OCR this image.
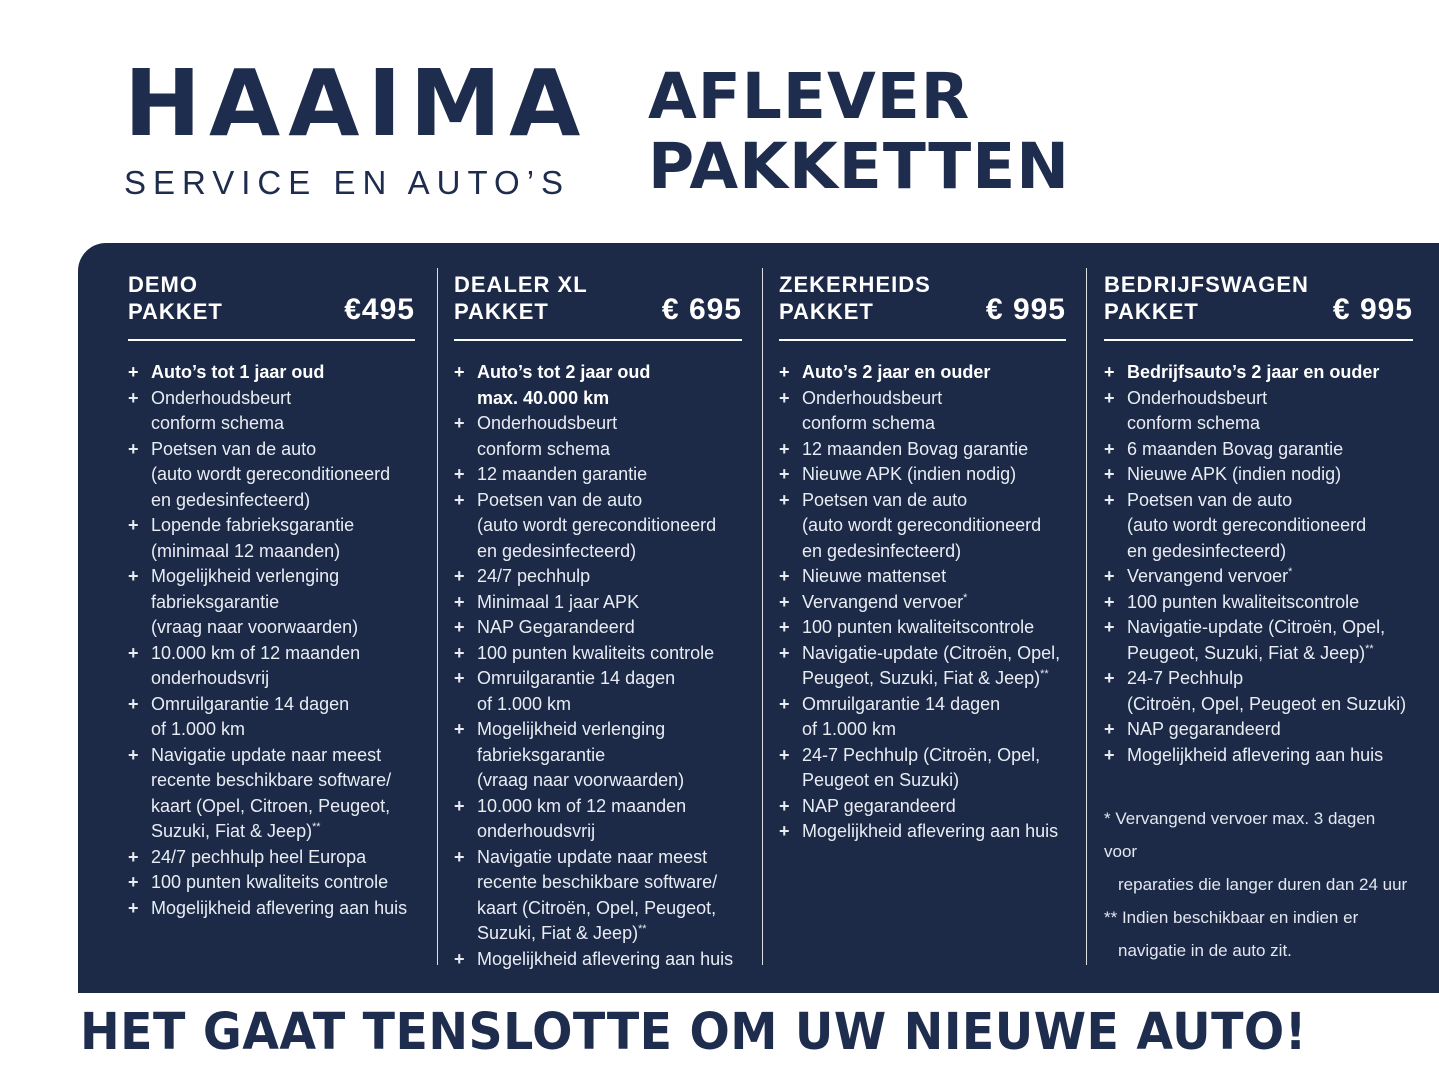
HAAIMA
SERVICE EN AUTO’S
AFLEVER
PAKKETTEN
DEMO
PAKKET	€495
+ Auto’s tot 1 jaar oud
+ Onderhoudsbeurt
conform schema
+ Poetsen van de auto
(auto wordt gereconditioneerd
en gedesinfecteerd)
+ Lopende fabrieksgarantie
(minimaal 12 maanden)
+ Mogelijkheid verlenging
fabrieksgarantie
(vraag naar voorwaarden)
+ 10.000 km of 12 maanden
onderhoudsvrij
+ Omruilgarantie 14 dagen
of 1.000 km
+ Navigatie update naar meest
recente beschikbare software/
kaart (Opel, Citroen, Peugeot,
Suzuki, Fiat & Jeep)**
+ 24/7 pechhulp heel Europa
+ 100 punten kwaliteits controle
+ Mogelijkheid aflevering aan huis
DEALER XL
PAKKET	€ 695
+ Auto’s tot 2 jaar oud
max. 40.000 km
+ Onderhoudsbeurt
conform schema
+ 12 maanden garantie
+ Poetsen van de auto
(auto wordt gereconditioneerd
en gedesinfecteerd)
+ 24/7 pechhulp
+ Minimaal 1 jaar APK
+ NAP Gegarandeerd
+ 100 punten kwaliteits controle
+ Omruilgarantie 14 dagen
of 1.000 km
+ Mogelijkheid verlenging
fabrieksgarantie
(vraag naar voorwaarden)
+ 10.000 km of 12 maanden
onderhoudsvrij
+ Navigatie update naar meest
recente beschikbare software/
kaart (Citroën, Opel, Peugeot,
Suzuki, Fiat & Jeep)**
+ Mogelijkheid aflevering aan huis
ZEKERHEIDS
PAKKET	€ 995
+ Auto’s 2 jaar en ouder
+ Onderhoudsbeurt
conform schema
+ 12 maanden Bovag garantie
+ Nieuwe APK (indien nodig)
+ Poetsen van de auto
(auto wordt gereconditioneerd
en gedesinfecteerd)
+ Nieuwe mattenset
+ Vervangend vervoer*
+ 100 punten kwaliteitscontrole
+ Navigatie-update (Citroën, Opel,
Peugeot, Suzuki, Fiat & Jeep)**
+ Omruilgarantie 14 dagen
of 1.000 km
+ 24-7 Pechhulp (Citroën, Opel,
Peugeot en Suzuki)
+ NAP gegarandeerd
+ Mogelijkheid aflevering aan huis
BEDRIJFSWAGEN
PAKKET	€ 995
+ Bedrijfsauto’s 2 jaar en ouder
+ Onderhoudsbeurt
conform schema
+ 6 maanden Bovag garantie
+ Nieuwe APK (indien nodig)
+ Poetsen van de auto
(auto wordt gereconditioneerd
en gedesinfecteerd)
+ Vervangend vervoer*
+ 100 punten kwaliteitscontrole
+ Navigatie-update (Citroën, Opel,
Peugeot, Suzuki, Fiat & Jeep)**
+ 24-7 Pechhulp
(Citroën, Opel, Peugeot en Suzuki)
+ NAP gegarandeerd
+ Mogelijkheid aflevering aan huis
* Vervangend vervoer max. 3 dagen voor
reparaties die langer duren dan 24 uur
** Indien beschikbaar en indien er
navigatie in de auto zit.
HET GAAT TENSLOTTE OM UW NIEUWE AUTO!
